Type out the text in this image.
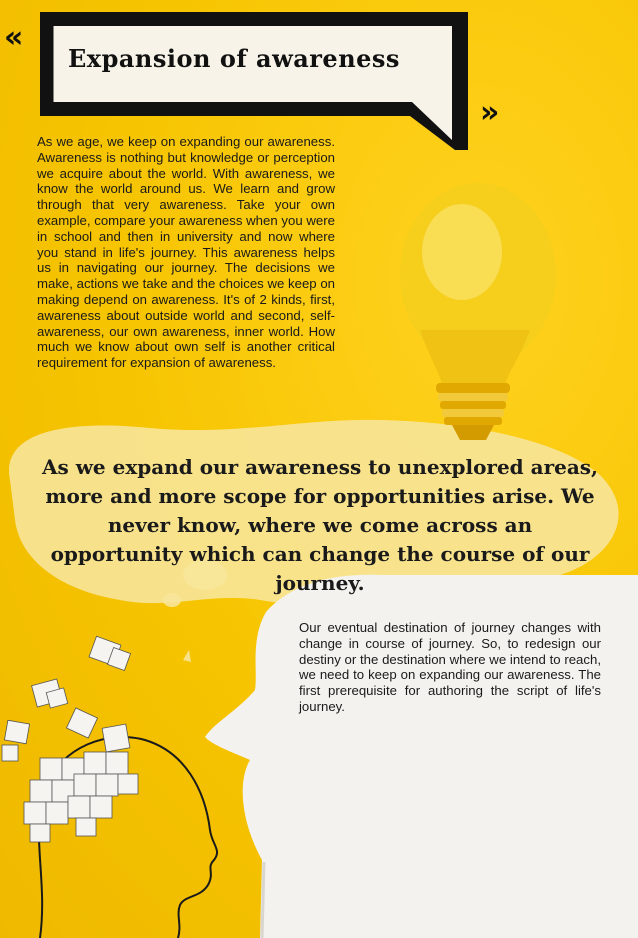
«
»
Expansion of awareness

As we age, we keep on expanding our awareness. Awareness is nothing but knowledge or perception we acquire about the world. With awareness, we know the world around us. We learn and grow through that very awareness. Take your own example, compare your awareness when you were in school and then in university and now where you stand in life's journey. This awareness helps us in navigating our journey. The decisions we make, actions we take and the choices we keep on making depend on awareness. It's of 2 kinds, first, awareness about outside world and second, self-awareness, our own awareness, inner world. How much we know about own self is another critical requirement for expansion of awareness.

As we expand our awareness to unexplored areas, more and more scope for opportunities arise. We never know, where we come across an opportunity which can change the course of our journey.

Our eventual destination of journey changes with change in course of journey. So, to redesign our destiny or the destination where we intend to reach, we need to keep on expanding our awareness. The first prerequisite for authoring the script of life's journey.
